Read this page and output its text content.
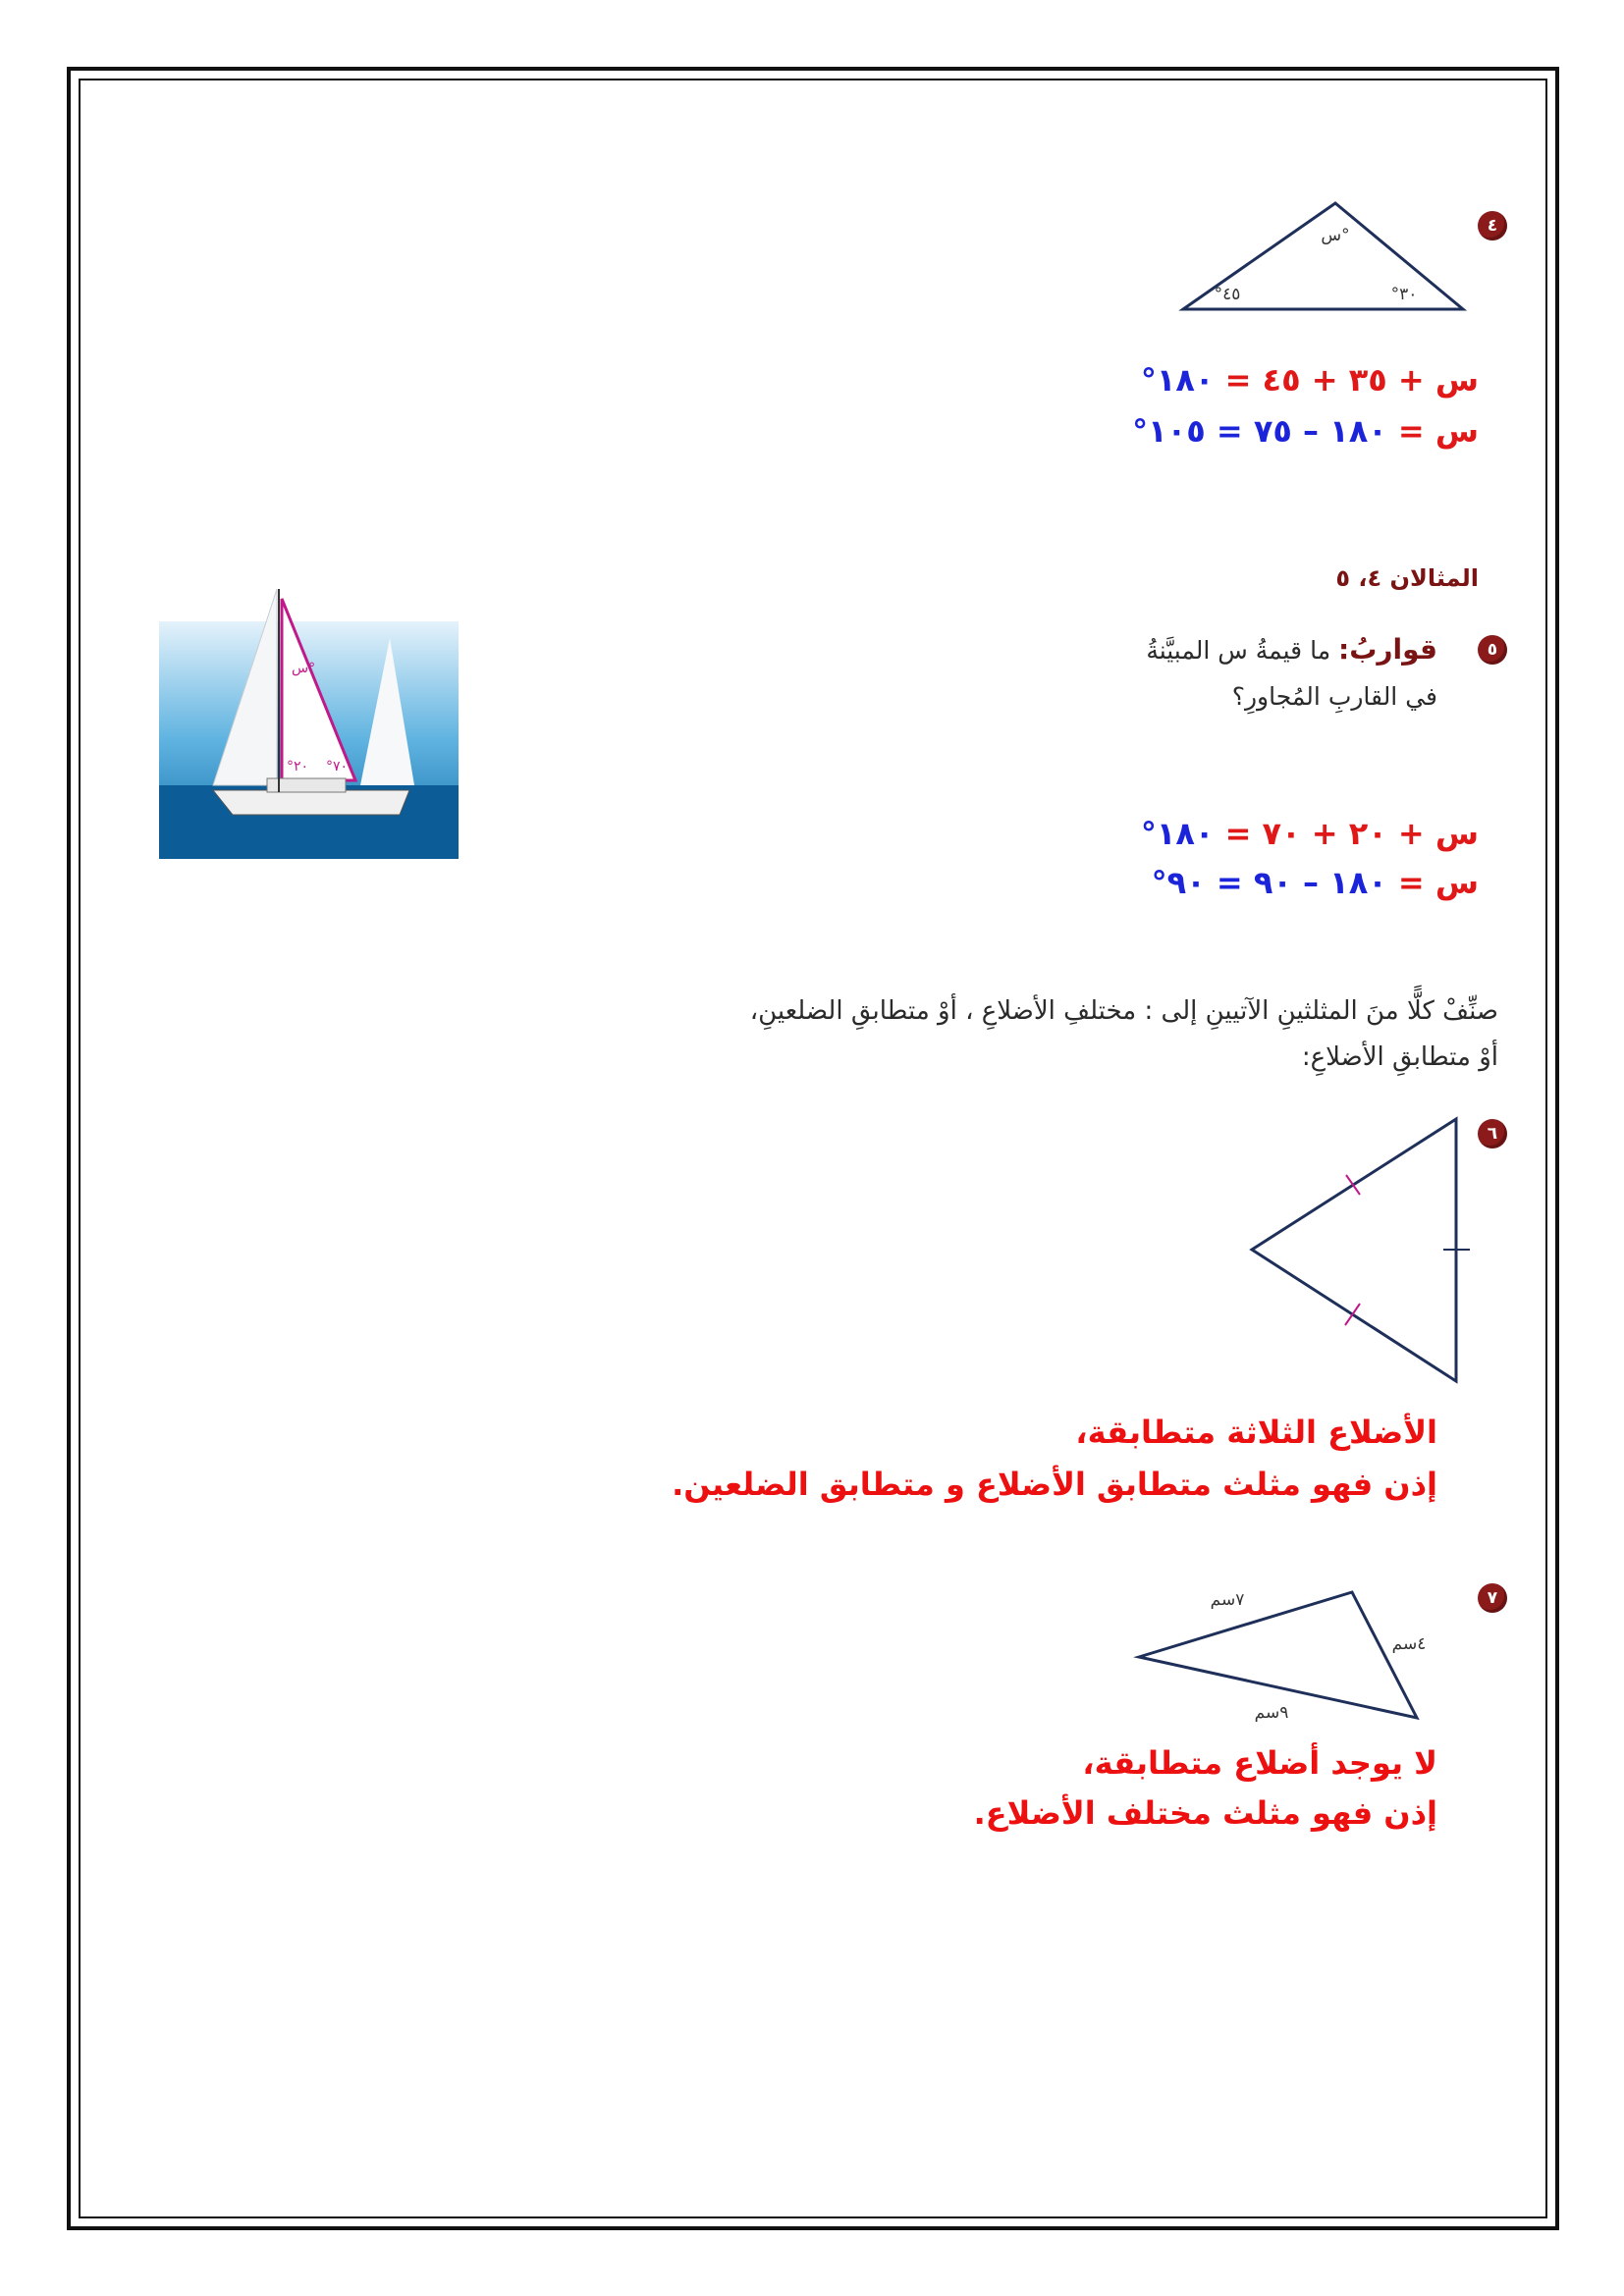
٤
س°
°٤٥	°٣٠
س + ٣٥ + ٤٥ = ١٨٠°
س = ١٨٠ – ٧٥ = ١٠٥°
المثالان ٤، ٥
س°
°٢٠ °٧٠
٥
قواربُ: ما قيمةُ س المبيَّنةُ
في القاربِ المُجاورِ؟
س + ٢٠ + ٧٠ = ١٨٠°
س = ١٨٠ – ٩٠ = ٩٠°
صنِّفْ كلًّا منَ المثلثينِ الآتيينِ إلى : مختلفِ الأضلاعِ ، أوْ متطابقِ الضلعينِ،
أوْ متطابقِ الأضلاعِ:
٦
الأضلاع الثلاثة متطابقة،
إذن فهو مثلث متطابق الأضلاع و متطابق الضلعين.
٧
٧سم
٤سم
٩سم
لا يوجد أضلاع متطابقة،
إذن فهو مثلث مختلف الأضلاع.
